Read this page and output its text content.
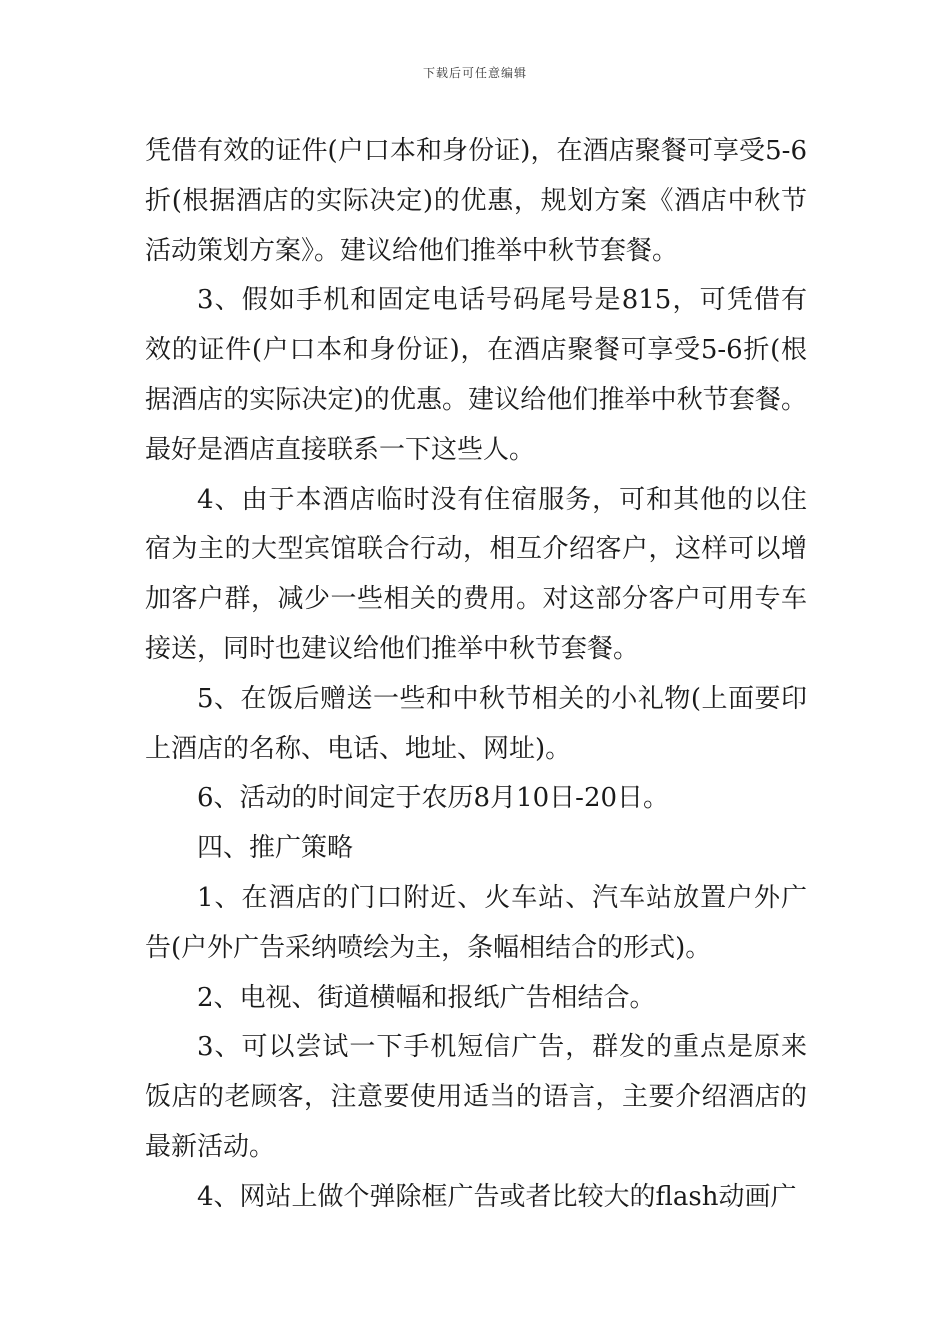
下载后可任意编辑

凭借有效的证件(户口本和身份证)，在酒店聚餐可享受5-6折(根据酒店的实际决定)的优惠，规划方案《酒店中秋节活动策划方案》。建议给他们推举中秋节套餐。

3、假如手机和固定电话号码尾号是815，可凭借有效的证件(户口本和身份证)，在酒店聚餐可享受5-6折(根据酒店的实际决定)的优惠。建议给他们推举中秋节套餐。最好是酒店直接联系一下这些人。

4、由于本酒店临时没有住宿服务，可和其他的以住宿为主的大型宾馆联合行动，相互介绍客户，这样可以增加客户群，减少一些相关的费用。对这部分客户可用专车接送，同时也建议给他们推举中秋节套餐。

5、在饭后赠送一些和中秋节相关的小礼物(上面要印上酒店的名称、电话、地址、网址)。

6、活动的时间定于农历8月10日-20日。

四、推广策略

1、在酒店的门口附近、火车站、汽车站放置户外广告(户外广告采纳喷绘为主，条幅相结合的形式)。

2、电视、街道横幅和报纸广告相结合。

3、可以尝试一下手机短信广告，群发的重点是原来饭店的老顾客，注意要使用适当的语言，主要介绍酒店的最新活动。

4、网站上做个弹除框广告或者比较大的flash动画广
